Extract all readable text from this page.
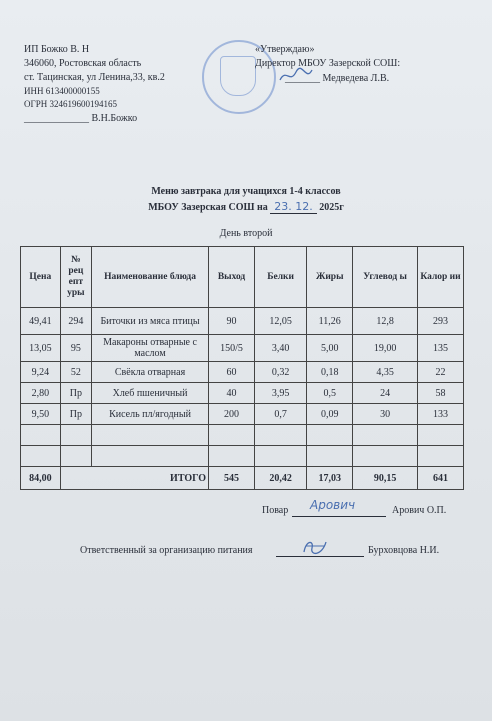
ИП Божко В. Н
346060, Ростовская область
ст. Тацинская, ул Ленина,33, кв.2
ИНН 613400000155
ОГРН 324619600194165
_____________ В.Н.Божко
«Утверждаю»
Директор МБОУ Зазерской СОШ:
_______ Медведева Л.В.
Меню завтрака для учащихся 1-4 классов
МБОУ Зазерская СОШ на 23. 12. 2025г
День второй
Цена	№ рец епт уры	Наименование блюда	Выход	Белки	Жиры	Углевод ы	Калор ии
49,41	294	Биточки из мяса птицы	90	12,05	11,26	12,8	293
13,05	95	Макароны отварные с маслом	150/5	3,40	5,00	19,00	135
9,24	52	Свёкла отварная	60	0,32	0,18	4,35	22
2,80	Пр	Хлеб пшеничный	40	3,95	0,5	24	58
9,50	Пр	Кисель пл/ягодный	200	0,7	0,09	30	133

84,00	ИТОГО		545	20,42	17,03	90,15	641
Повар Арович	Арович О.П.
Ответственный за организацию питания	Бурховцова Н.И.
